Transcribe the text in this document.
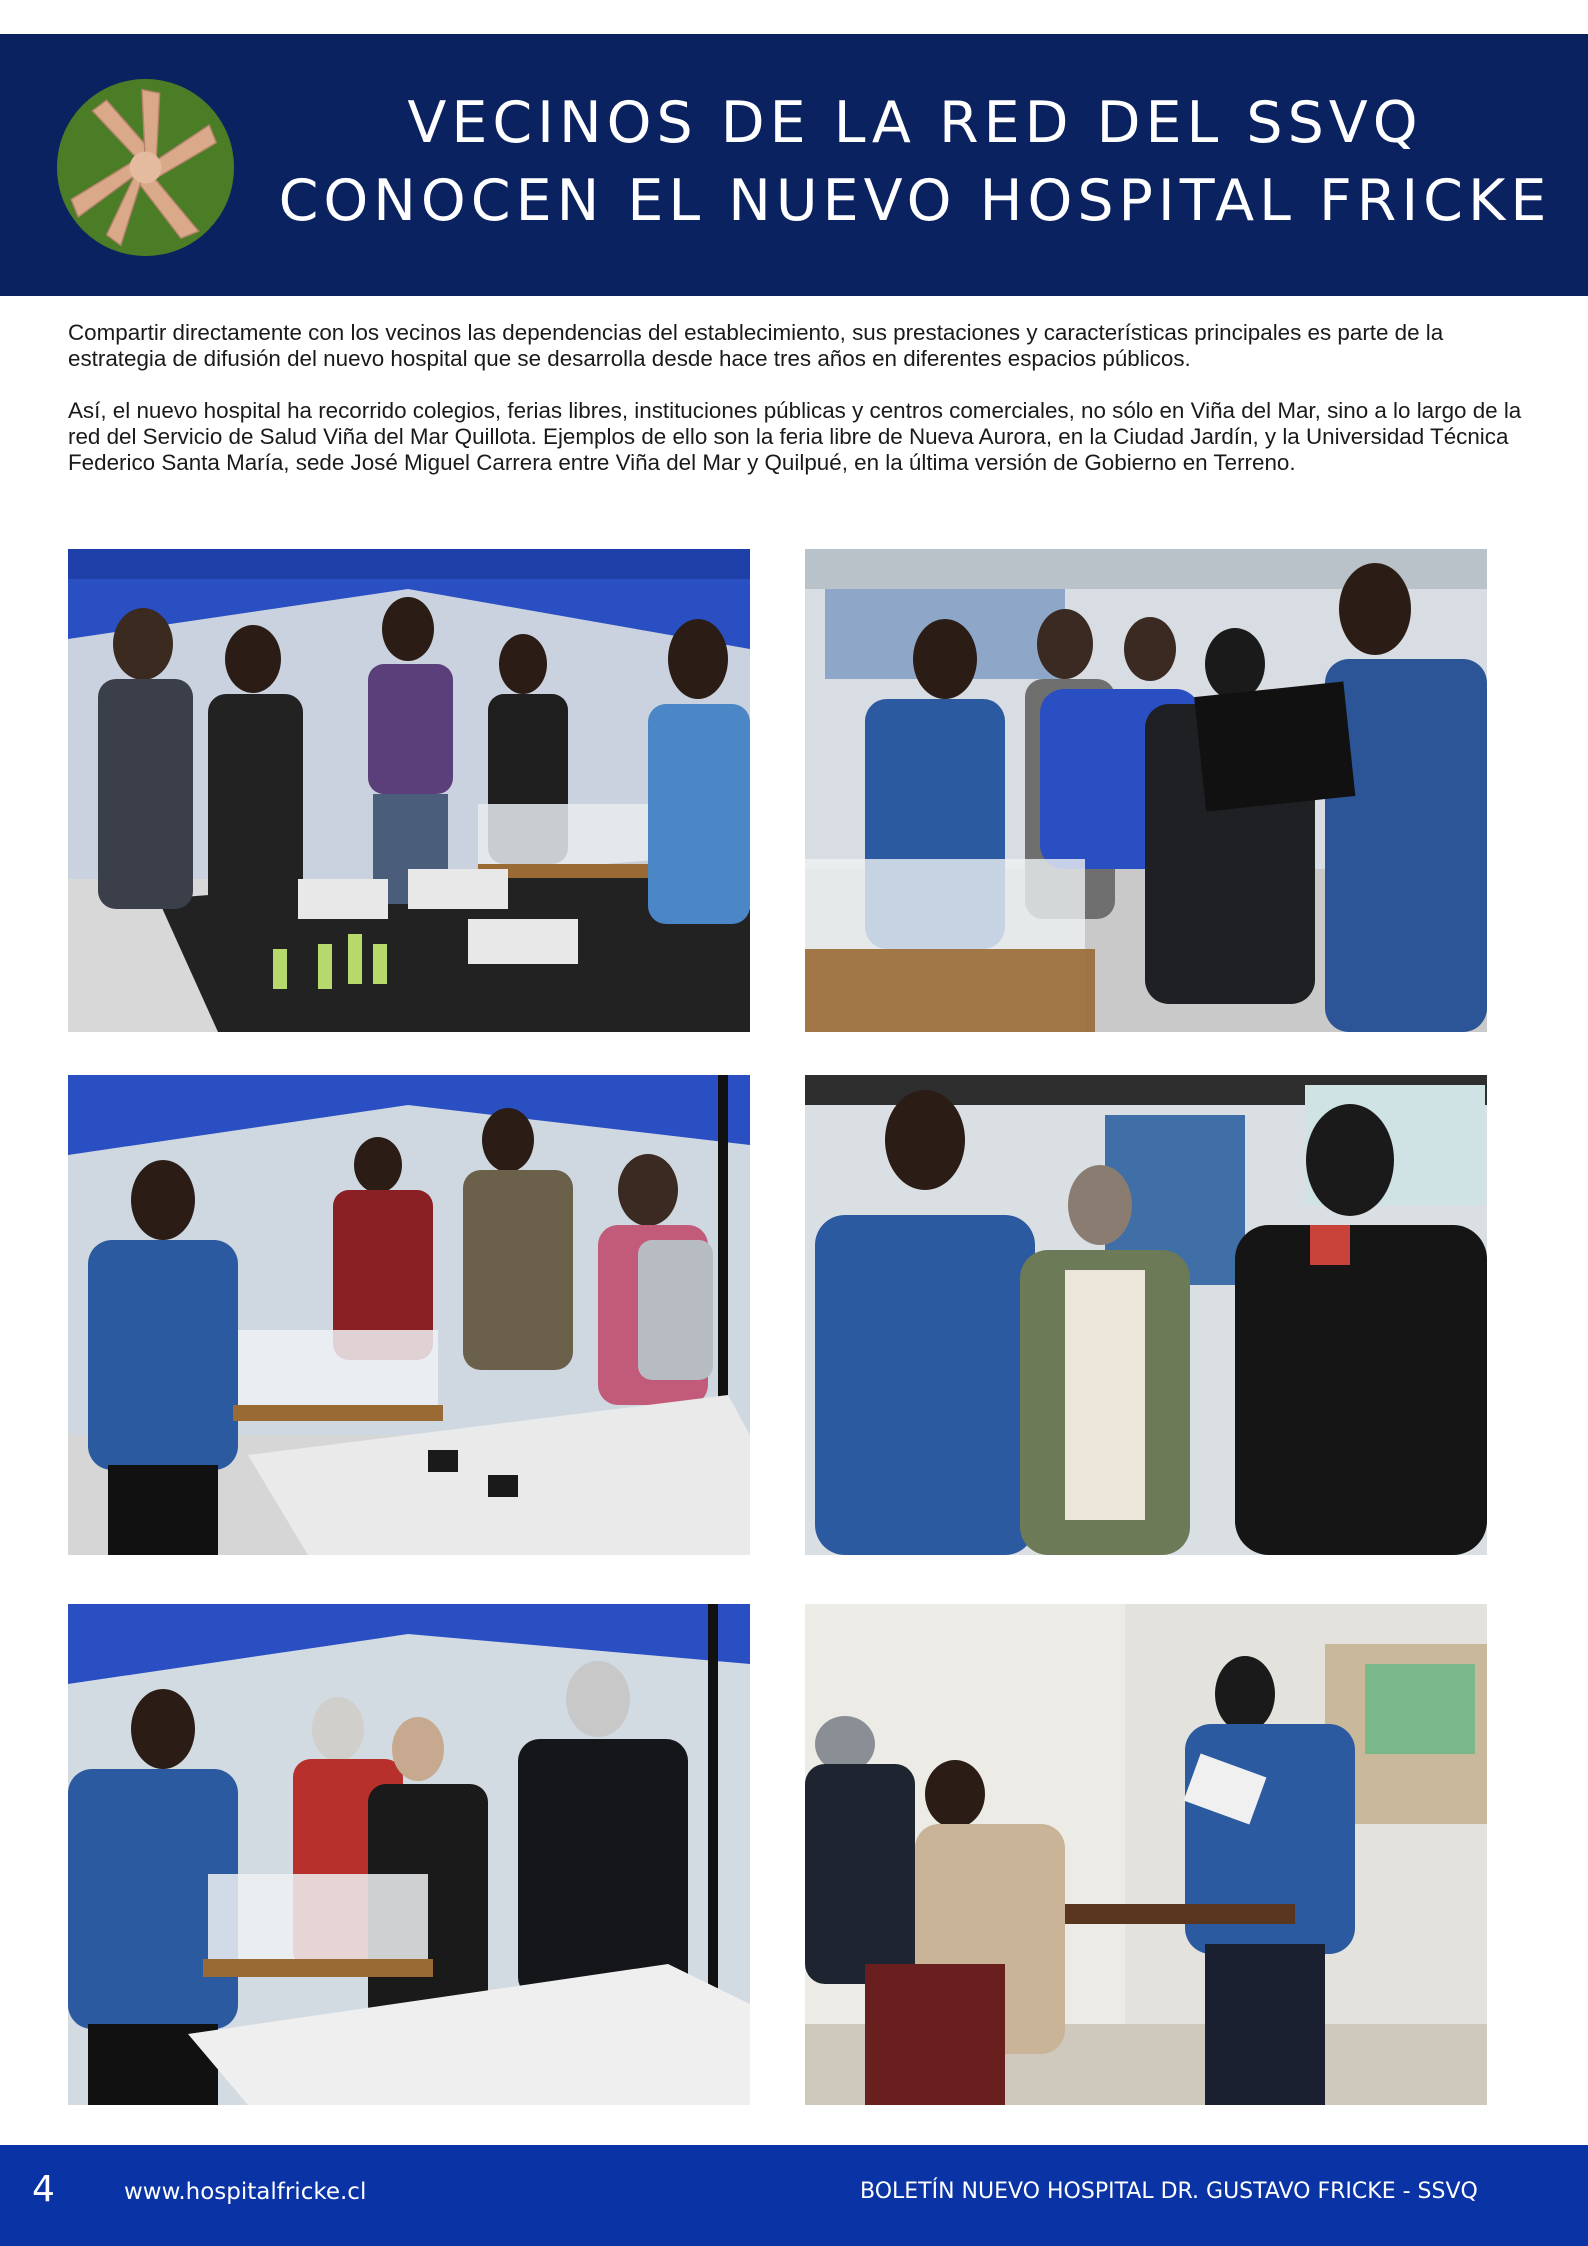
VECINOS DE LA RED DEL SSVQ
CONOCEN EL NUEVO HOSPITAL FRICKE

Compartir directamente con los vecinos las dependencias del establecimiento, sus prestaciones y características principales es parte de la estrategia de difusión del nuevo hospital que se desarrolla desde hace tres años en diferentes espacios públicos.

Así, el nuevo hospital ha recorrido colegios, ferias libres, instituciones públicas y centros comerciales, no sólo en Viña del Mar, sino a lo largo de la red del Servicio de Salud Viña del Mar Quillota. Ejemplos de ello son la feria libre de Nueva Aurora, en la Ciudad Jardín, y la Universidad Técnica Federico Santa María, sede José Miguel Carrera entre Viña del Mar y Quilpué, en la última versión de Gobierno en Terreno.

4	www.hospitalfricke.cl	BOLETÍN NUEVO HOSPITAL DR. GUSTAVO FRICKE - SSVQ
